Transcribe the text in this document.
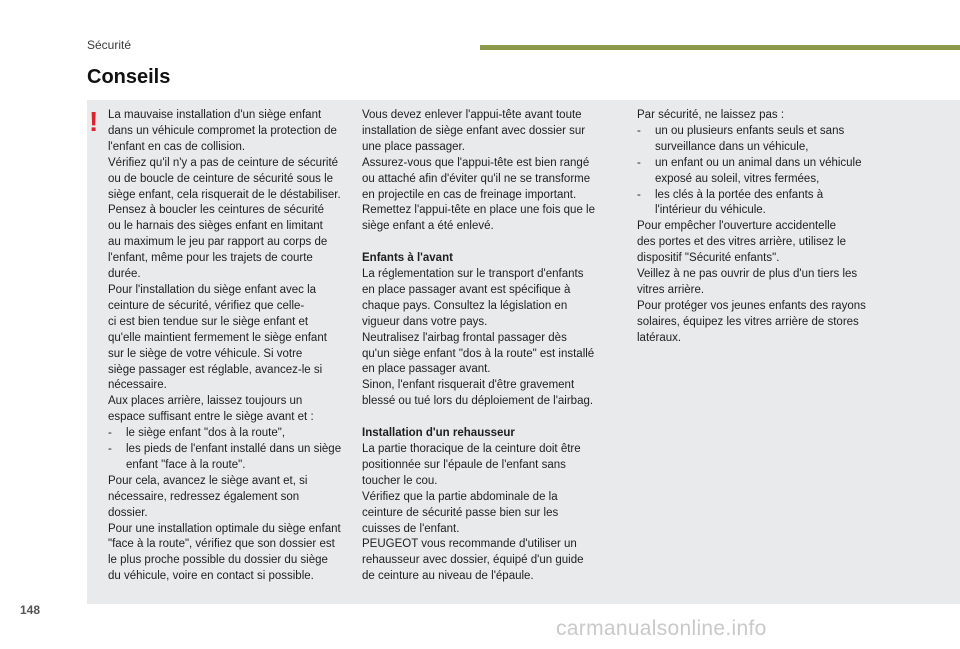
Sécurité
Conseils
! La mauvaise installation d'un siège enfant

dans un véhicule compromet la protection de

l'enfant en cas de collision.

Vérifiez qu'il n'y a pas de ceinture de sécurité

ou de boucle de ceinture de sécurité sous le

siège enfant, cela risquerait de le déstabiliser.

Pensez à boucler les ceintures de sécurité

ou le harnais des sièges enfant en limitant

au maximum le jeu par rapport au corps de

l'enfant, même pour les trajets de courte

durée.

Pour l'installation du siège enfant avec la

ceinture de sécurité, vérifiez que celle-

ci est bien tendue sur le siège enfant et

qu'elle maintient fermement le siège enfant

sur le siège de votre véhicule. Si votre

siège passager est réglable, avancez-le si

nécessaire.

Aux places arrière, laissez toujours un

espace suffisant entre le siège avant et :

- le siège enfant "dos à la route",

- les pieds de l'enfant installé dans un siège

enfant "face à la route".

Pour cela, avancez le siège avant et, si

nécessaire, redressez également son

dossier.

Pour une installation optimale du siège enfant

"face à la route", vérifiez que son dossier est

le plus proche possible du dossier du siège

du véhicule, voire en contact si possible.

Vous devez enlever l'appui-tête avant toute

installation de siège enfant avec dossier sur

une place passager.

Assurez-vous que l'appui-tête est bien rangé

ou attaché afin d'éviter qu'il ne se transforme

en projectile en cas de freinage important.

Remettez l'appui-tête en place une fois que le

siège enfant a été enlevé.

Enfants à l'avant

La réglementation sur le transport d'enfants

en place passager avant est spécifique à

chaque pays. Consultez la législation en

vigueur dans votre pays.

Neutralisez l'airbag frontal passager dès

qu'un siège enfant "dos à la route" est installé

en place passager avant.

Sinon, l'enfant risquerait d'être gravement

blessé ou tué lors du déploiement de l'airbag.

Installation d'un rehausseur

La partie thoracique de la ceinture doit être

positionnée sur l'épaule de l'enfant sans

toucher le cou.

Vérifiez que la partie abdominale de la

ceinture de sécurité passe bien sur les

cuisses de l'enfant.

PEUGEOT vous recommande d'utiliser un

rehausseur avec dossier, équipé d'un guide

de ceinture au niveau de l'épaule.

Par sécurité, ne laissez pas :

- un ou plusieurs enfants seuls et sans

surveillance dans un véhicule,

- un enfant ou un animal dans un véhicule

exposé au soleil, vitres fermées,

- les clés à la portée des enfants à

l'intérieur du véhicule.

Pour empêcher l'ouverture accidentelle

des portes et des vitres arrière, utilisez le

dispositif "Sécurité enfants".

Veillez à ne pas ouvrir de plus d'un tiers les

vitres arrière.

Pour protéger vos jeunes enfants des rayons

solaires, équipez les vitres arrière de stores

latéraux.

148
carmanualsonline.info
